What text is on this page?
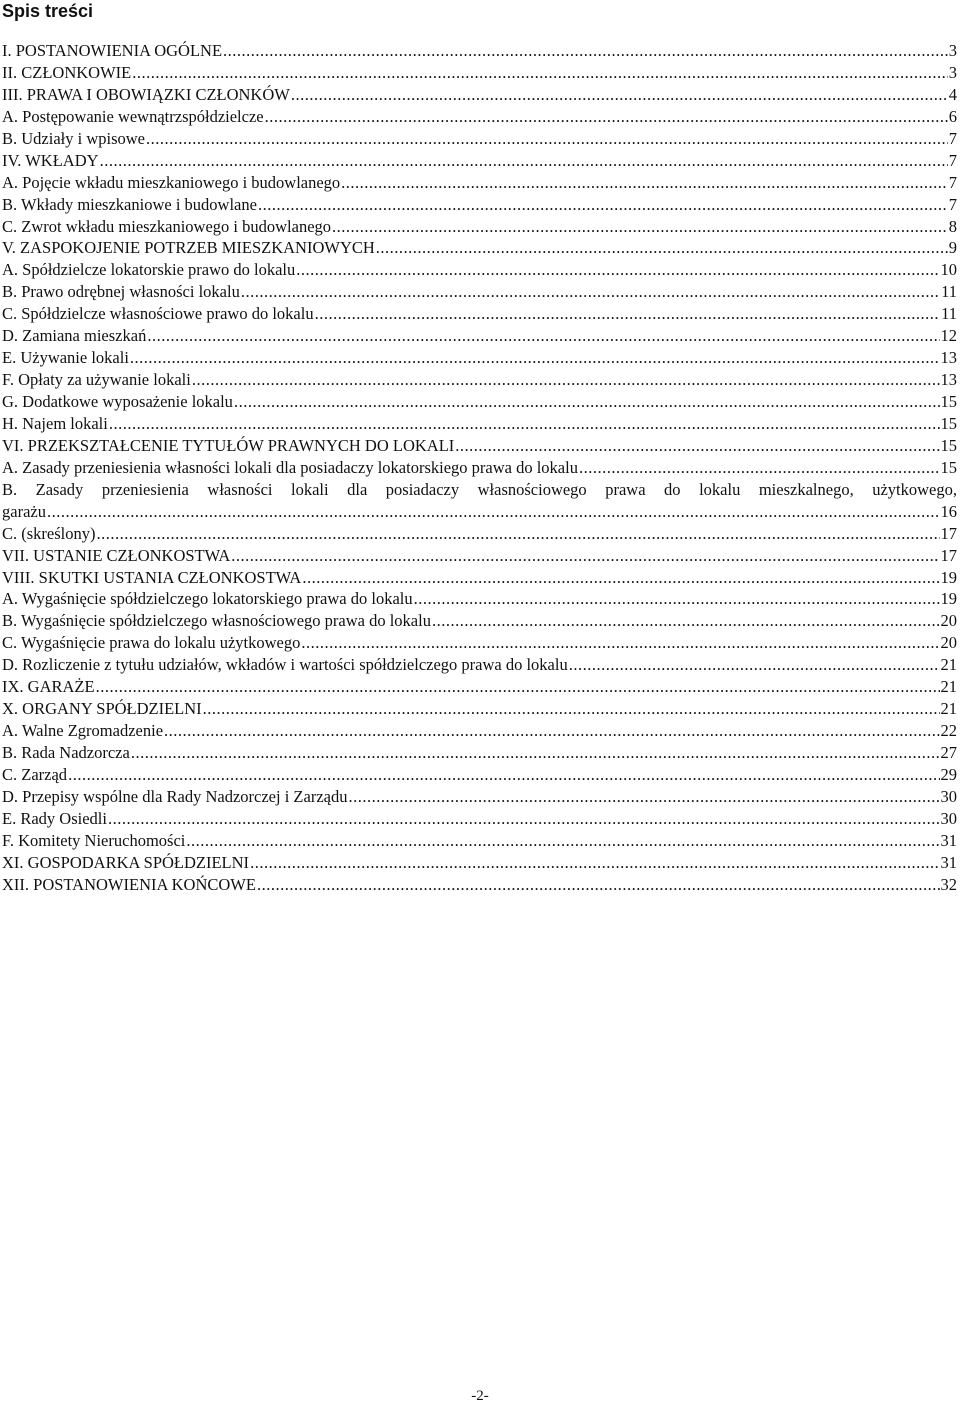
Spis treści
I. POSTANOWIENIA OGÓLNE .....	3
II. CZŁONKOWIE .....	3
III. PRAWA I OBOWIĄZKI CZŁONKÓW .....	4
A. Postępowanie wewnątrzspółdzielcze .....	6
B. Udziały i wpisowe .....	7
IV. WKŁADY .....	7
A. Pojęcie wkładu mieszkaniowego i budowlanego .....	7
B. Wkłady mieszkaniowe i budowlane .....	7
C. Zwrot wkładu mieszkaniowego i budowlanego .....	8
V. ZASPOKOJENIE POTRZEB MIESZKANIOWYCH .....	9
A. Spółdzielcze lokatorskie prawo do lokalu .....	10
B. Prawo odrębnej własności lokalu .....	11
C. Spółdzielcze własnościowe prawo do lokalu .....	11
D. Zamiana mieszkań .....	12
E. Używanie lokali .....	13
F. Opłaty za używanie lokali .....	13
G. Dodatkowe wyposażenie lokalu .....	15
H. Najem lokali .....	15
VI. PRZEKSZTAŁCENIE TYTUŁÓW PRAWNYCH DO LOKALI .....	15
A. Zasady przeniesienia własności lokali dla posiadaczy lokatorskiego prawa do lokalu .....	15
B. Zasady przeniesienia własności lokali dla posiadaczy własnościowego prawa do lokalu mieszkalnego, użytkowego,
garażu .....	16
C. (skreślony) .....	17
VII. USTANIE CZŁONKOSTWA .....	17
VIII. SKUTKI USTANIA CZŁONKOSTWA .....	19
A. Wygaśnięcie spółdzielczego lokatorskiego prawa do lokalu .....	19
B. Wygaśnięcie spółdzielczego własnościowego prawa do lokalu .....	20
C. Wygaśnięcie prawa do lokalu użytkowego .....	20
D. Rozliczenie z tytułu udziałów, wkładów i wartości spółdzielczego prawa do lokalu .....	21
IX. GARAŻE .....	21
X. ORGANY SPÓŁDZIELNI .....	21
A. Walne Zgromadzenie .....	22
B. Rada Nadzorcza .....	27
C. Zarząd .....	29
D. Przepisy wspólne dla Rady Nadzorczej i Zarządu .....	30
E. Rady Osiedli .....	30
F. Komitety Nieruchomości .....	31
XI. GOSPODARKA SPÓŁDZIELNI .....	31
XII. POSTANOWIENIA KOŃCOWE .....	32
-2-
